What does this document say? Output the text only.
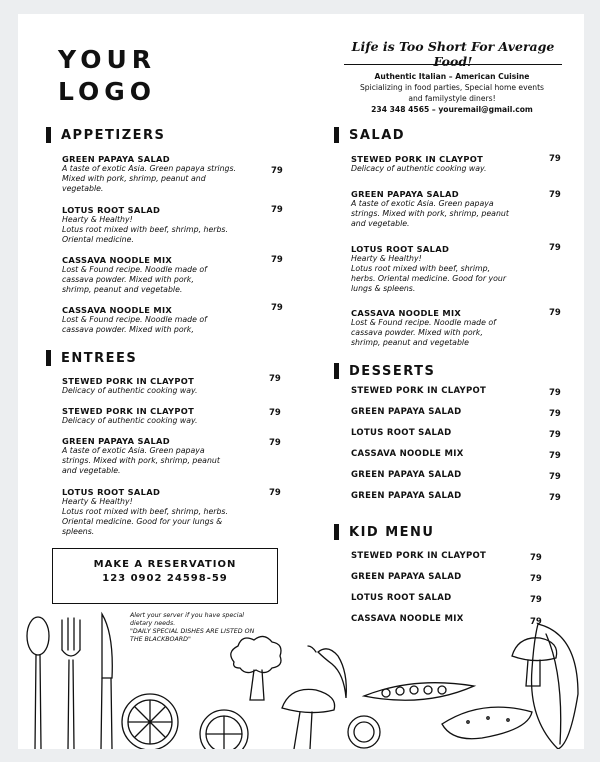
YOUR
LOGO
Life is Too Short For Average Food!
Authentic Italian – American Cuisine
Spicializing in food parties, Special home events
and familystyle diners!
234 348 4565 – youremail@gmail.com
APPETIZERS
GREEN PAPAYA SALAD
A taste of exotic Asia. Green papaya strings.
Mixed with pork, shrimp, peanut and
vegetable.
79
LOTUS ROOT SALAD
Hearty & Healthy!
Lotus root mixed with beef, shrimp, herbs.
Oriental medicine.
79
CASSAVA NOODLE MIX
Lost & Found recipe. Noodle made of
cassava powder. Mixed with pork,
shrimp, peanut and vegetable.
79
CASSAVA NOODLE MIX
Lost & Found recipe. Noodle made of
cassava powder. Mixed with pork,
79
ENTREES
STEWED PORK IN CLAYPOT
Delicacy of authentic cooking way.
79
STEWED PORK IN CLAYPOT
Delicacy of authentic cooking way.
79
GREEN PAPAYA SALAD
A taste of exotic Asia. Green papaya
strings. Mixed with pork, shrimp, peanut
and vegetable.
79
LOTUS ROOT SALAD
Hearty & Healthy!
Lotus root mixed with beef, shrimp, herbs.
Oriental medicine. Good for your lungs &
spleens.
79
MAKE A RESERVATION
123 0902 24598-59
Alert your server if you have special
dietary needs.
"DAILY SPECIAL DISHES ARE LISTED ON
THE BLACKBOARD"
SALAD
STEWED PORK IN CLAYPOT
Delicacy of authentic cooking way.
79
GREEN PAPAYA SALAD
A taste of exotic Asia. Green papaya
strings. Mixed with pork, shrimp, peanut
and vegetable.
79
LOTUS ROOT SALAD
Hearty & Healthy!
Lotus root mixed with beef, shrimp,
herbs. Oriental medicine. Good for your
lungs & spleens.
79
CASSAVA NOODLE MIX
Lost & Found recipe. Noodle made of
cassava powder. Mixed with pork,
shrimp, peanut and vegetable
79
DESSERTS
STEWED PORK IN CLAYPOT	79
GREEN PAPAYA SALAD	79
LOTUS ROOT SALAD	79
CASSAVA NOODLE MIX	79
GREEN PAPAYA SALAD	79
GREEN PAPAYA SALAD	79
KID MENU
STEWED PORK IN CLAYPOT	79
GREEN PAPAYA SALAD	79
LOTUS ROOT SALAD	79
CASSAVA NOODLE MIX	79
